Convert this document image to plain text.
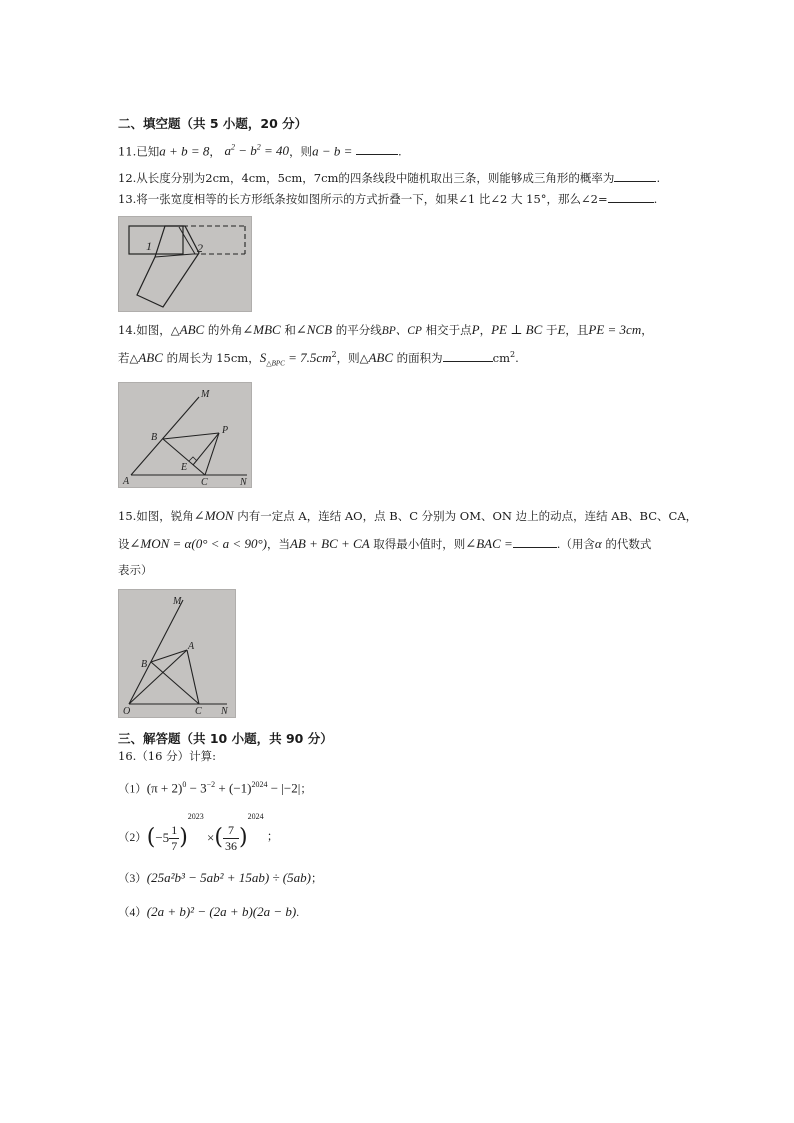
二、填空题（共 5 小题，20 分）
11.已知a + b = 8， $a^2 - b^2 = 40$，则a − b =	.
12.从长度分别为2cm，4cm，5cm，7cm的四条线段中随机取出三条，则能够成三角形的概率为	.
13.将一张宽度相等的长方形纸条按如图所示的方式折叠一下，如果∠1 比∠2 大 15°，那么∠2=	.
1	2
14.如图，△ABC 的外角∠MBC 和∠NCB 的平分线BP、CP 相交于点P，PE ⊥ BC 于E，且PE = 3cm，
若△ABC 的周长为 15cm，$S_{\triangle BPC} = 7.5cm^2$，则△ABC 的面积为	$cm^2$.
M
B
P
E
A	C	N
15.如图，锐角∠MON 内有一定点 A，连结 AO，点 B、C 分别为 OM、ON 边上的动点，连结 AB、BC、CA，
设∠MON = α(0° < a < 90°)，当AB + BC + CA 取得最小值时，则∠BAC =	.（用含α 的代数式
表示）
M
A
B
O	C N
三、解答题（共 10 小题，共 90 分）
16.（16 分）计算:
$(1)(\pi + 2)^0 - 3^{-2} + (-1)^{2024} - |-2|$；
$(2)(-5 \frac{1}{7} )^{2023}$ ×( $\frac{7}{36} )^{2024}$ ；
（3）(25a²b³ − 5ab² + 15ab) ÷ (5ab)；
（4）(2a + b)² − (2a + b)(2a − b).
